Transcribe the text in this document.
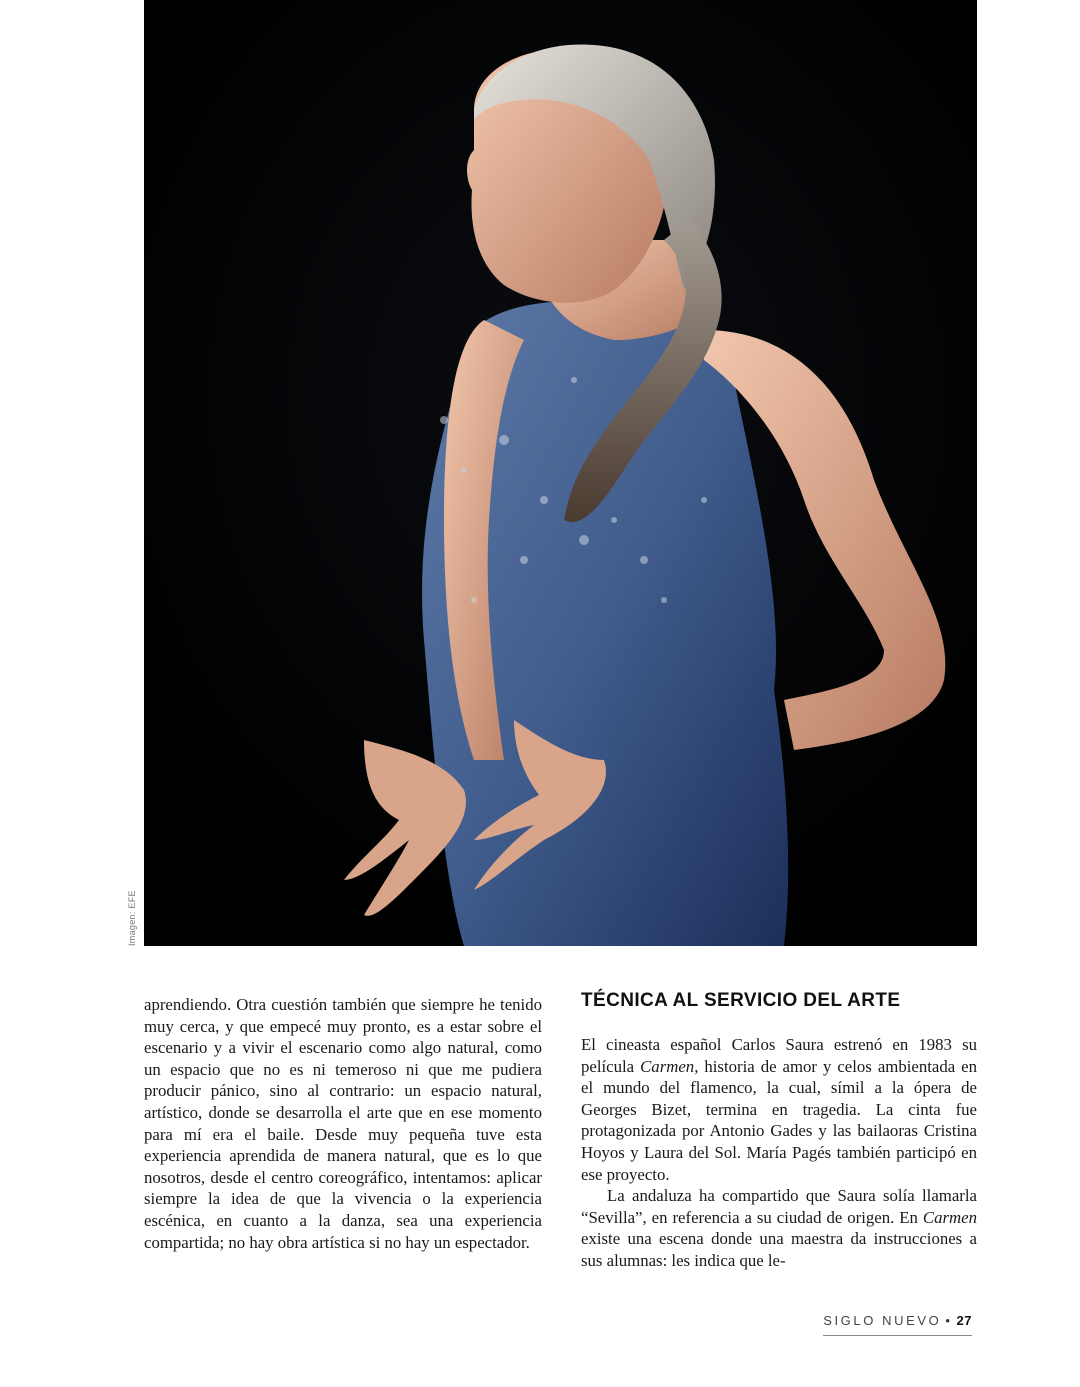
Imagen: EFE

aprendiendo. Otra cuestión también que siempre he tenido muy cerca, y que empecé muy pronto, es a estar sobre el escenario y a vivir el escenario como algo natural, como un espacio que no es ni temeroso ni que me pudiera producir pánico, sino al contrario: un espacio natural, artístico, donde se desarrolla el arte que en ese momento para mí era el baile. Desde muy pequeña tuve esta experiencia aprendida de manera natural, que es lo que nosotros, desde el centro coreográfico, intentamos: aplicar siempre la idea de que la vivencia o la experiencia escénica, en cuanto a la danza, sea una experiencia compartida; no hay obra artística si no hay un espectador.

TÉCNICA AL SERVICIO DEL ARTE

El cineasta español Carlos Saura estrenó en 1983 su película Carmen, historia de amor y celos ambientada en el mundo del flamenco, la cual, símil a la ópera de Georges Bizet, termina en tragedia. La cinta fue protagonizada por Antonio Gades y las bailaoras Cristina Hoyos y Laura del Sol. María Pagés también participó en ese proyecto.

La andaluza ha compartido que Saura solía llamarla “Sevilla”, en referencia a su ciudad de origen. En Carmen existe una escena donde una maestra da instrucciones a sus alumnas: les indica que le-

SIGLO NUEVO • 27
